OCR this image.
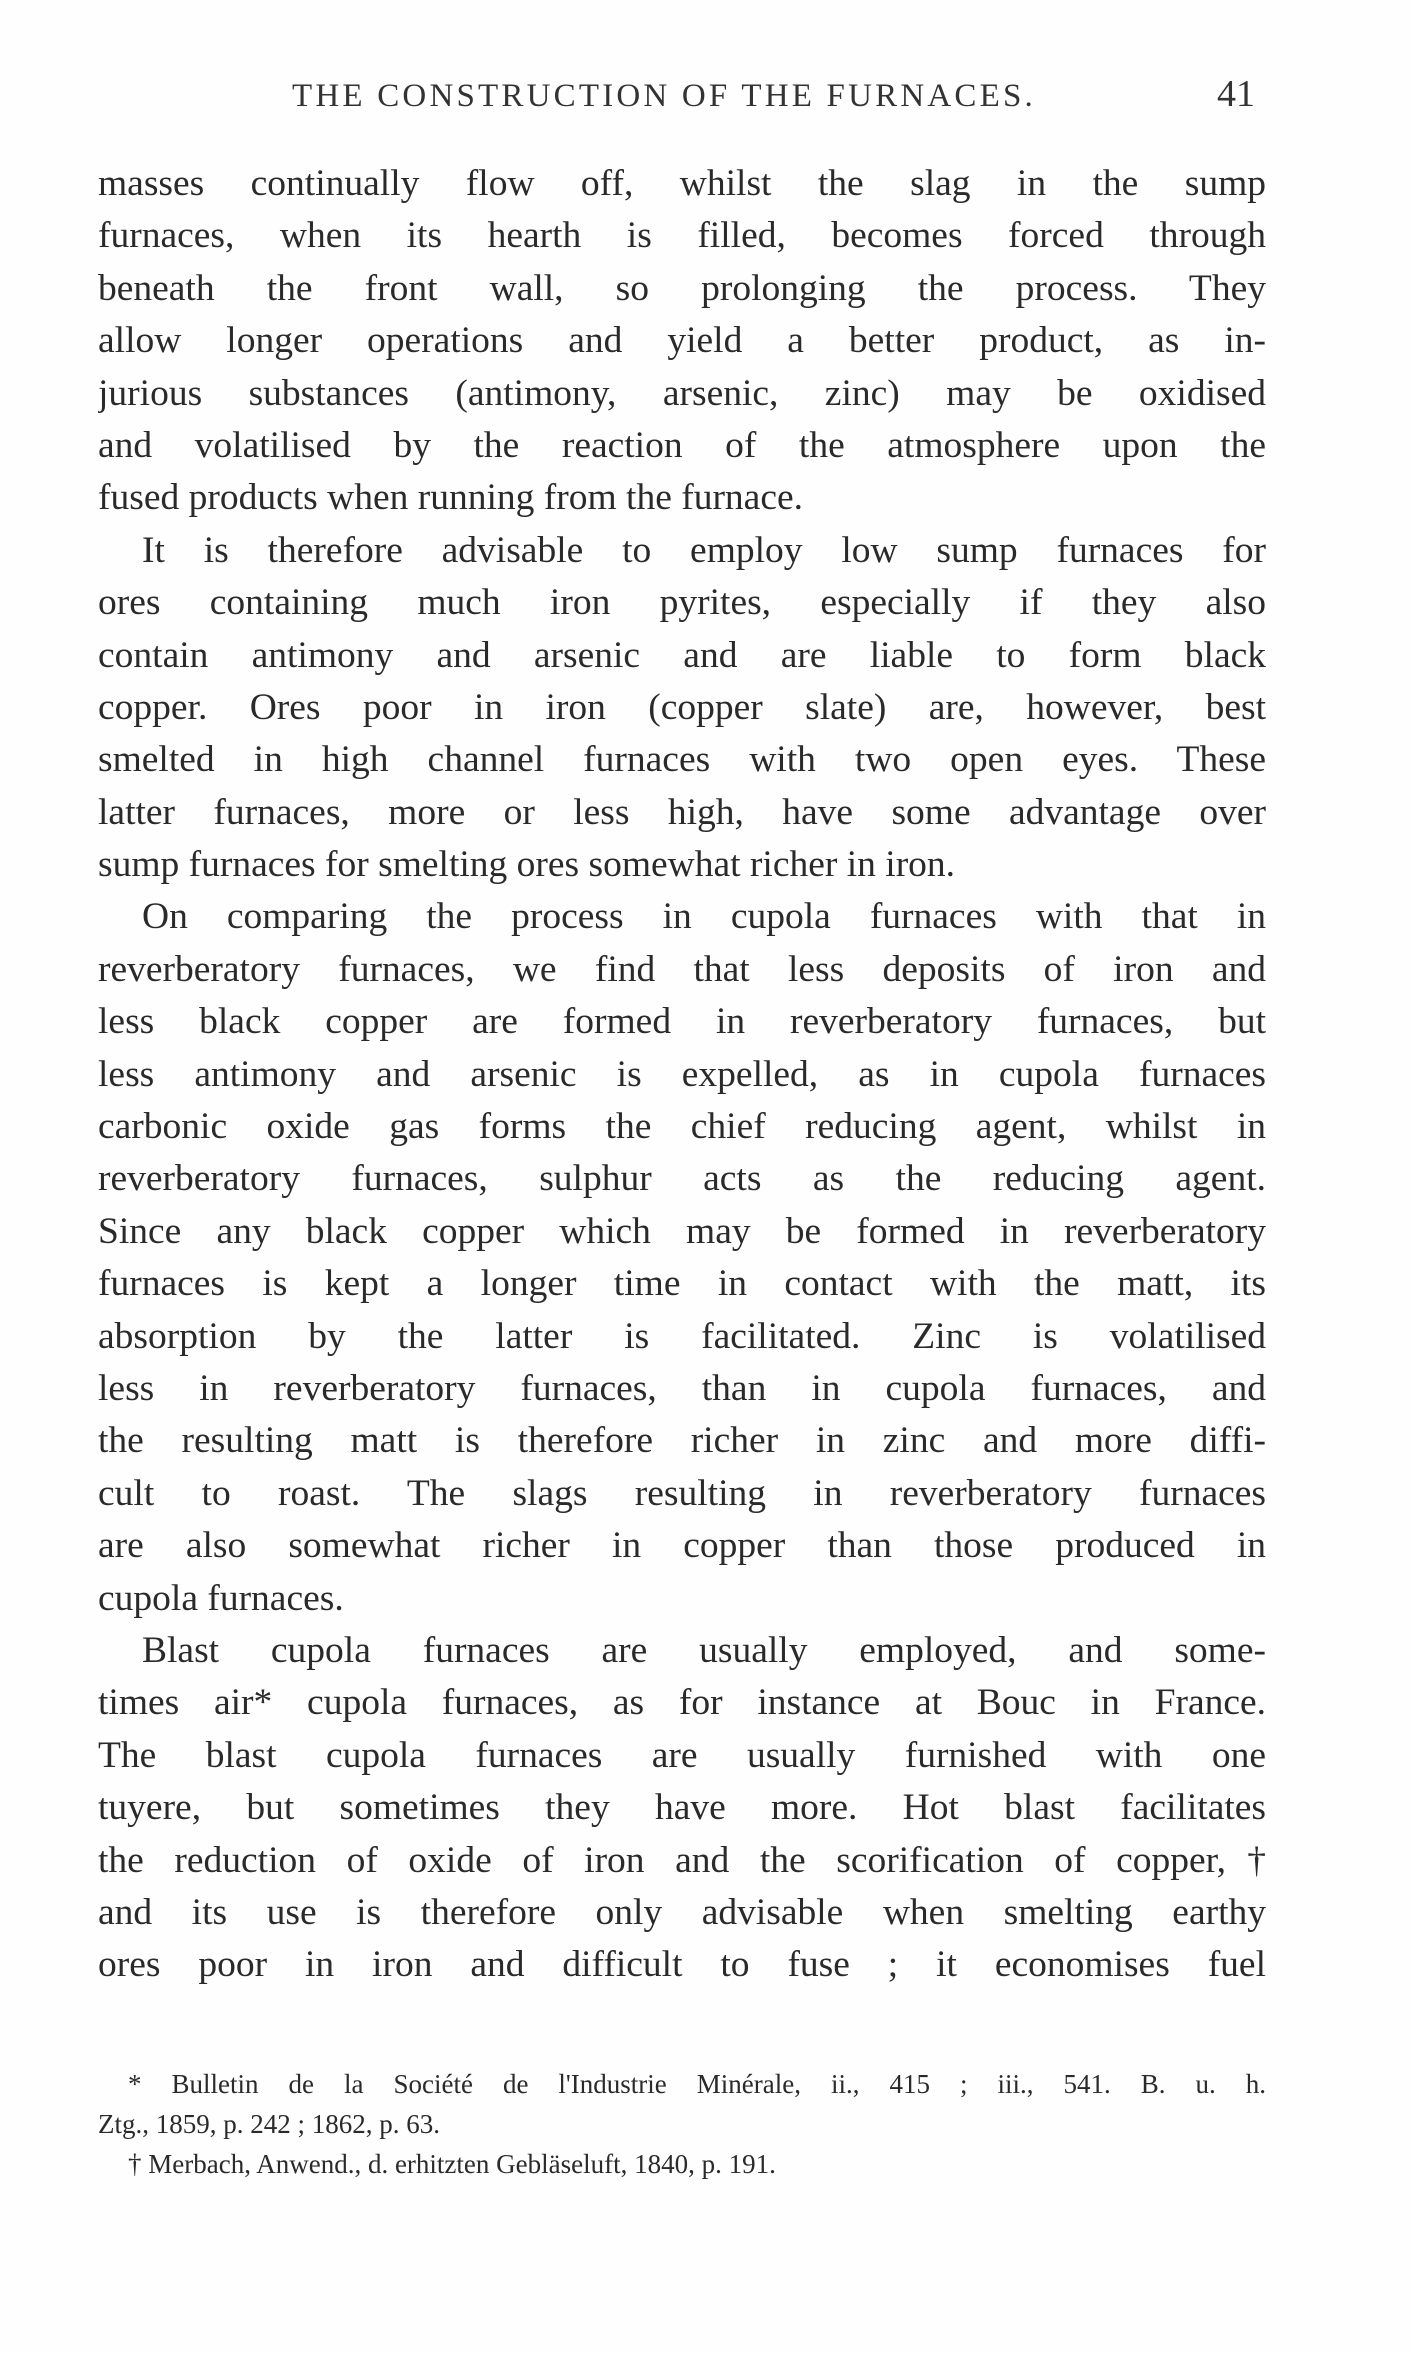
THE CONSTRUCTION OF THE FURNACES.	41
masses continually flow off, whilst the slag in the sump
furnaces, when its hearth is filled, becomes forced through
beneath the front wall, so prolonging the process. They
allow longer operations and yield a better product, as in-
jurious substances (antimony, arsenic, zinc) may be oxidised
and volatilised by the reaction of the atmosphere upon the
fused products when running from the furnace.
It is therefore advisable to employ low sump furnaces for
ores containing much iron pyrites, especially if they also
contain antimony and arsenic and are liable to form black
copper. Ores poor in iron (copper slate) are, however, best
smelted in high channel furnaces with two open eyes. These
latter furnaces, more or less high, have some advantage over
sump furnaces for smelting ores somewhat richer in iron.
On comparing the process in cupola furnaces with that in
reverberatory furnaces, we find that less deposits of iron and
less black copper are formed in reverberatory furnaces, but
less antimony and arsenic is expelled, as in cupola furnaces
carbonic oxide gas forms the chief reducing agent, whilst in
reverberatory furnaces, sulphur acts as the reducing agent.
Since any black copper which may be formed in reverberatory
furnaces is kept a longer time in contact with the matt, its
absorption by the latter is facilitated. Zinc is volatilised
less in reverberatory furnaces, than in cupola furnaces, and
the resulting matt is therefore richer in zinc and more diffi-
cult to roast. The slags resulting in reverberatory furnaces
are also somewhat richer in copper than those produced in
cupola furnaces.
Blast cupola furnaces are usually employed, and some-
times air* cupola furnaces, as for instance at Bouc in France.
The blast cupola furnaces are usually furnished with one
tuyere, but sometimes they have more. Hot blast facilitates
the reduction of oxide of iron and the scorification of copper,†
and its use is therefore only advisable when smelting earthy
ores poor in iron and difficult to fuse ; it economises fuel
* Bulletin de la Société de l'Industrie Minérale, ii., 415 ; iii., 541. B. u. h.
Ztg., 1859, p. 242 ; 1862, p. 63.
† Merbach, Anwend., d. erhitzten Gebläseluft, 1840, p. 191.
